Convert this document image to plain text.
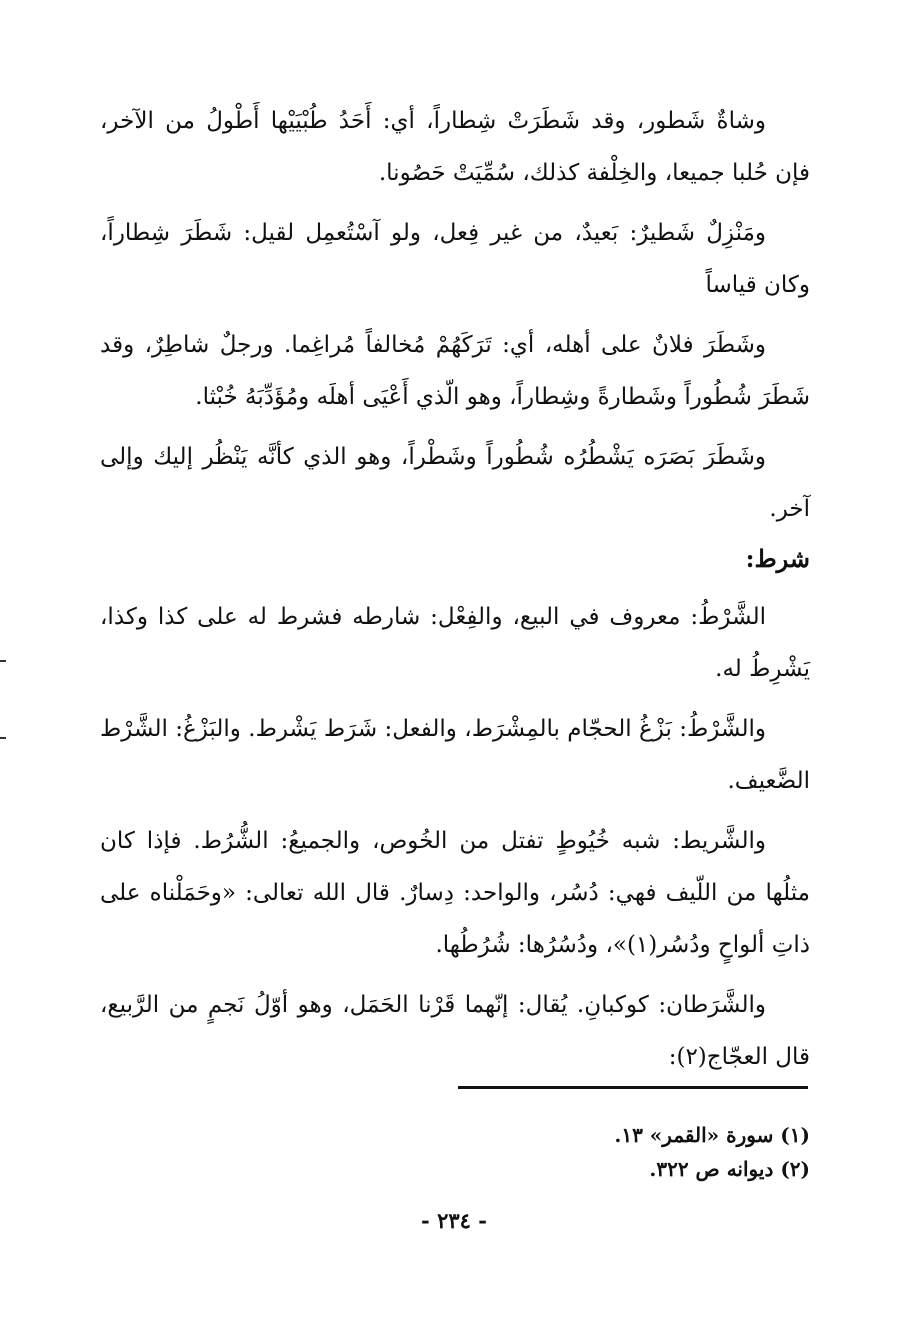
وشاةٌ شَطور، وقد شَطَرَتْ شِطاراً، أي: أَحَدُ طُبْيَيْها أَطْولُ من الآخر، فإن حُلبا جميعا، والخِلْفة كذلك، سُمِّيَتْ حَصُونا.

ومَنْزِلٌ شَطيرٌ: بَعيدٌ، من غير فِعل، ولو آسْتُعمِل لقيل: شَطَرَ شِطاراً، وكان قياساً

وشَطَرَ فلانٌ على أهله، أي: تَرَكَهُمْ مُخالفاً مُراغِما. ورجلٌ شاطِرٌ، وقد شَطَرَ شُطُوراً وشَطارةً وشِطاراً، وهو الّذي أَعْيَى أهلَه ومُؤَدِّبَهُ خُبْثا.

وشَطَرَ بَصَرَه يَشْطُرُه شُطُوراً وشَطْراً، وهو الذي كأنَّه يَنْظُر إليك وإلى آخر.

شرط:

الشَّرْطُ: معروف في البيع، والفِعْل: شارطه فشرط له على كذا وكذا، يَشْرِطُ له.

والشَّرْطُ: بَزْغُ الحجّام بالمِشْرَط، والفعل: شَرَط يَشْرط. والبَزْغُ: الشَّرْط الضَّعيف.

والشَّريط: شبه خُيُوطٍ تفتل من الخُوص، والجميعُ: الشُّرُط. فإذا كان مثلُها من اللّيف فهي: دُسُر، والواحد: دِسارٌ. قال الله تعالى: «وحَمَلْناه على ذاتِ ألواحٍ ودُسُر(١)»، ودُسُرُها: شُرُطُها.

والشَّرَطان: كوكبانِ. يُقال: إنّهما قَرْنا الحَمَل، وهو أوّلُ نَجمٍ من الرَّبيع، قال العجّاج(٢):

(١) سورة «القمر» ١٣.
(٢) ديوانه ص ٣٢٢.
- ٢٣٤ -
